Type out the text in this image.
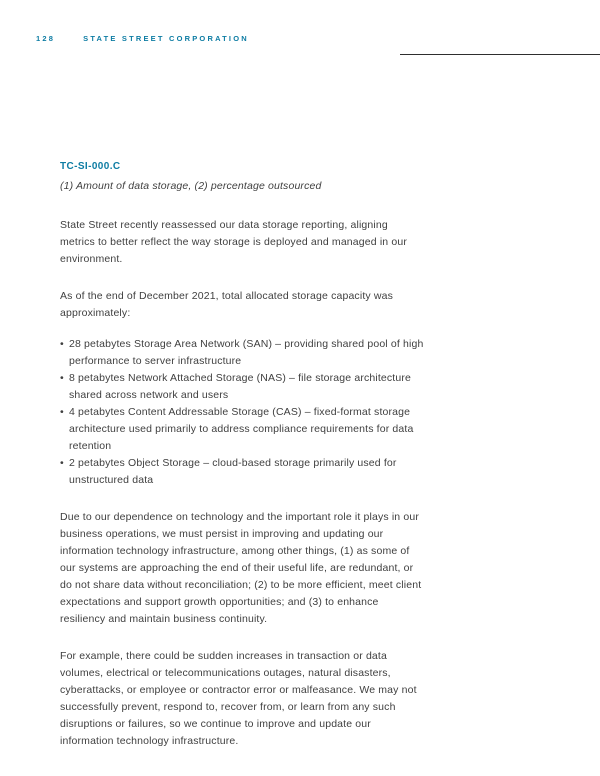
128	STATE STREET CORPORATION
TC-SI-000.C
(1) Amount of data storage, (2) percentage outsourced

State Street recently reassessed our data storage reporting, aligning metrics to better reflect the way storage is deployed and managed in our environment.

As of the end of December 2021, total allocated storage capacity was approximately:

• 28 petabytes Storage Area Network (SAN) – providing shared pool of high performance to server infrastructure
• 8 petabytes Network Attached Storage (NAS) – file storage architecture shared across network and users
• 4 petabytes Content Addressable Storage (CAS) – fixed-format storage architecture used primarily to address compliance requirements for data retention
• 2 petabytes Object Storage – cloud-based storage primarily used for unstructured data

Due to our dependence on technology and the important role it plays in our business operations, we must persist in improving and updating our information technology infrastructure, among other things, (1) as some of our systems are approaching the end of their useful life, are redundant, or do not share data without reconciliation; (2) to be more efficient, meet client expectations and support growth opportunities; and (3) to enhance resiliency and maintain business continuity.

For example, there could be sudden increases in transaction or data volumes, electrical or telecommunications outages, natural disasters, cyberattacks, or employee or contractor error or malfeasance. We may not successfully prevent, respond to, recover from, or learn from any such disruptions or failures, so we continue to improve and update our information technology infrastructure.
